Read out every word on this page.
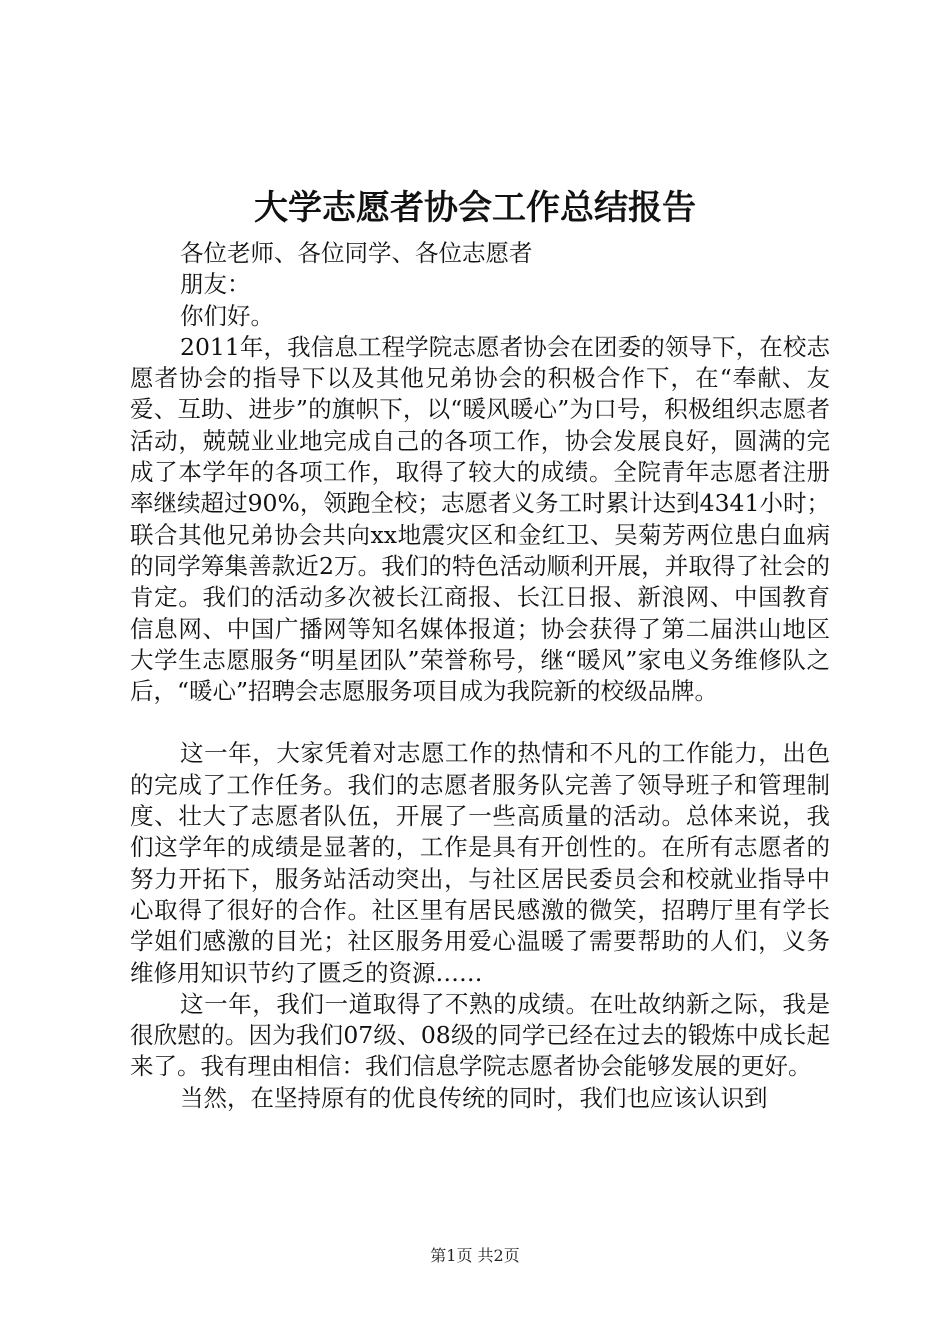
大学志愿者协会工作总结报告

各位老师、各位同学、各位志愿者

朋友：

你们好。

2011年，我信息工程学院志愿者协会在团委的领导下，在校志愿者协会的指导下以及其他兄弟协会的积极合作下，在“奉献、友爱、互助、进步”的旗帜下，以“暖风暖心”为口号，积极组织志愿者活动，兢兢业业地完成自己的各项工作，协会发展良好，圆满的完成了本学年的各项工作，取得了较大的成绩。全院青年志愿者注册率继续超过90%，领跑全校；志愿者义务工时累计达到4341小时；联合其他兄弟协会共向xx地震灾区和金红卫、吴菊芳两位患白血病的同学筹集善款近2万。我们的特色活动顺利开展，并取得了社会的肯定。我们的活动多次被长江商报、长江日报、新浪网、中国教育信息网、中国广播网等知名媒体报道；协会获得了第二届洪山地区大学生志愿服务“明星团队”荣誉称号，继“暖风”家电义务维修队之后，“暖心”招聘会志愿服务项目成为我院新的校级品牌。

这一年，大家凭着对志愿工作的热情和不凡的工作能力，出色的完成了工作任务。我们的志愿者服务队完善了领导班子和管理制度、壮大了志愿者队伍，开展了一些高质量的活动。总体来说，我们这学年的成绩是显著的，工作是具有开创性的。在所有志愿者的努力开拓下，服务站活动突出，与社区居民委员会和校就业指导中心取得了很好的合作。社区里有居民感激的微笑，招聘厅里有学长学姐们感激的目光；社区服务用爱心温暖了需要帮助的人们，义务维修用知识节约了匮乏的资源……

这一年，我们一道取得了不熟的成绩。在吐故纳新之际，我是很欣慰的。因为我们07级、08级的同学已经在过去的锻炼中成长起来了。我有理由相信：我们信息学院志愿者协会能够发展的更好。

当然，在坚持原有的优良传统的同时，我们也应该认识到

第1页 共2页
